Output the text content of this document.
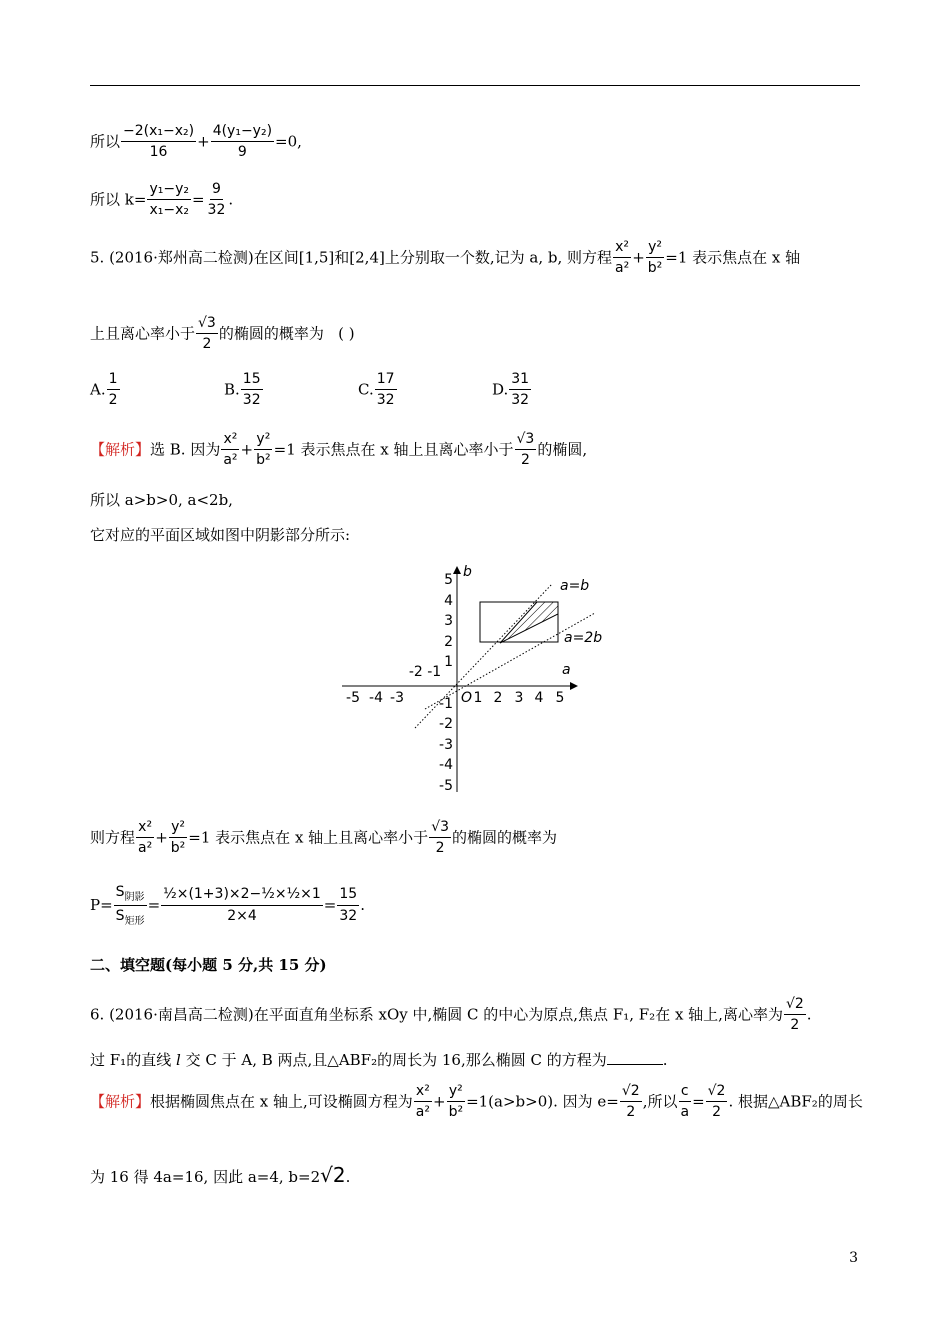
所以 $\frac{\text{−2(x₁−x₂)}}{16} + \frac{\text{4(y₁−y₂)}}{9} =0$,
所以 $k= \frac{\text{y₁−y₂}}{\text{x₁−x₂}} = \frac{9}{32}$ .
5. (2016·郑州高二检测)在区间[1,5]和[2,4]上分别取一个数,记为 a, b, 则方程 $\frac{\text{x²}}{\text{a²}} + \frac{\text{y²}}{\text{b²}} =1$ 表示焦点在 x 轴
上且离心率小于 $\frac{√3}{2}$ 的椭圆的概率为 ( )
A. $\frac{1}{2}$	B. $\frac{15}{32}$	C. $\frac{17}{32}$	D. $\frac{31}{32}$
【解析】选 B. 因为 $\frac{\text{x²}}{\text{a²}} + \frac{\text{y²}}{\text{b²}} =1$ 表示焦点在 x 轴上且离心率小于 $\frac{√3}{2}$ 的椭圆,
所以 a>b>0, a<2b,
它对应的平面区域如图中阴影部分所示:
b
a
a=b
a=2b
O
5
4
3
2
1
-1
-2
-3
-4
-5
1 2 3 4 5
-5 -4 -3
-2 -1
则方程 $\frac{\text{x²}}{\text{a²}} + \frac{\text{y²}}{\text{b²}} =1$ 表示焦点在 x 轴上且离心率小于 $\frac{√3}{2}$ 的椭圆的概率为
$P= \frac{S_{阴影}}{S_{矩形}} = \frac{\text{½×(1+3)×2−½×½×1}}{2\times 4} = \frac{15}{32}$ .
二、填空题(每小题 5 分,共 15 分)
6. (2016·南昌高二检测)在平面直角坐标系 xOy 中,椭圆 C 的中心为原点,焦点 F₁, F₂在 x 轴上,离心率为 $\frac{√2}{2}$ .
过 F₁的直线 l 交 C 于 A, B 两点,且△ABF₂的周长为 16,那么椭圆 C 的方程为	.
【解析】根据椭圆焦点在 x 轴上,可设椭圆方程为 $\frac{\text{x²}}{\text{a²}} + \frac{\text{y²}}{\text{b²}} =1(a>b>0)$. 因为 $e= \frac{√2}{2}$ ,所以 $\frac{c}{a} = \frac{√2}{2}$ . 根据△ABF₂的周长
为 16 得 4a=16, 因此 a=4, b=2√2.
3
